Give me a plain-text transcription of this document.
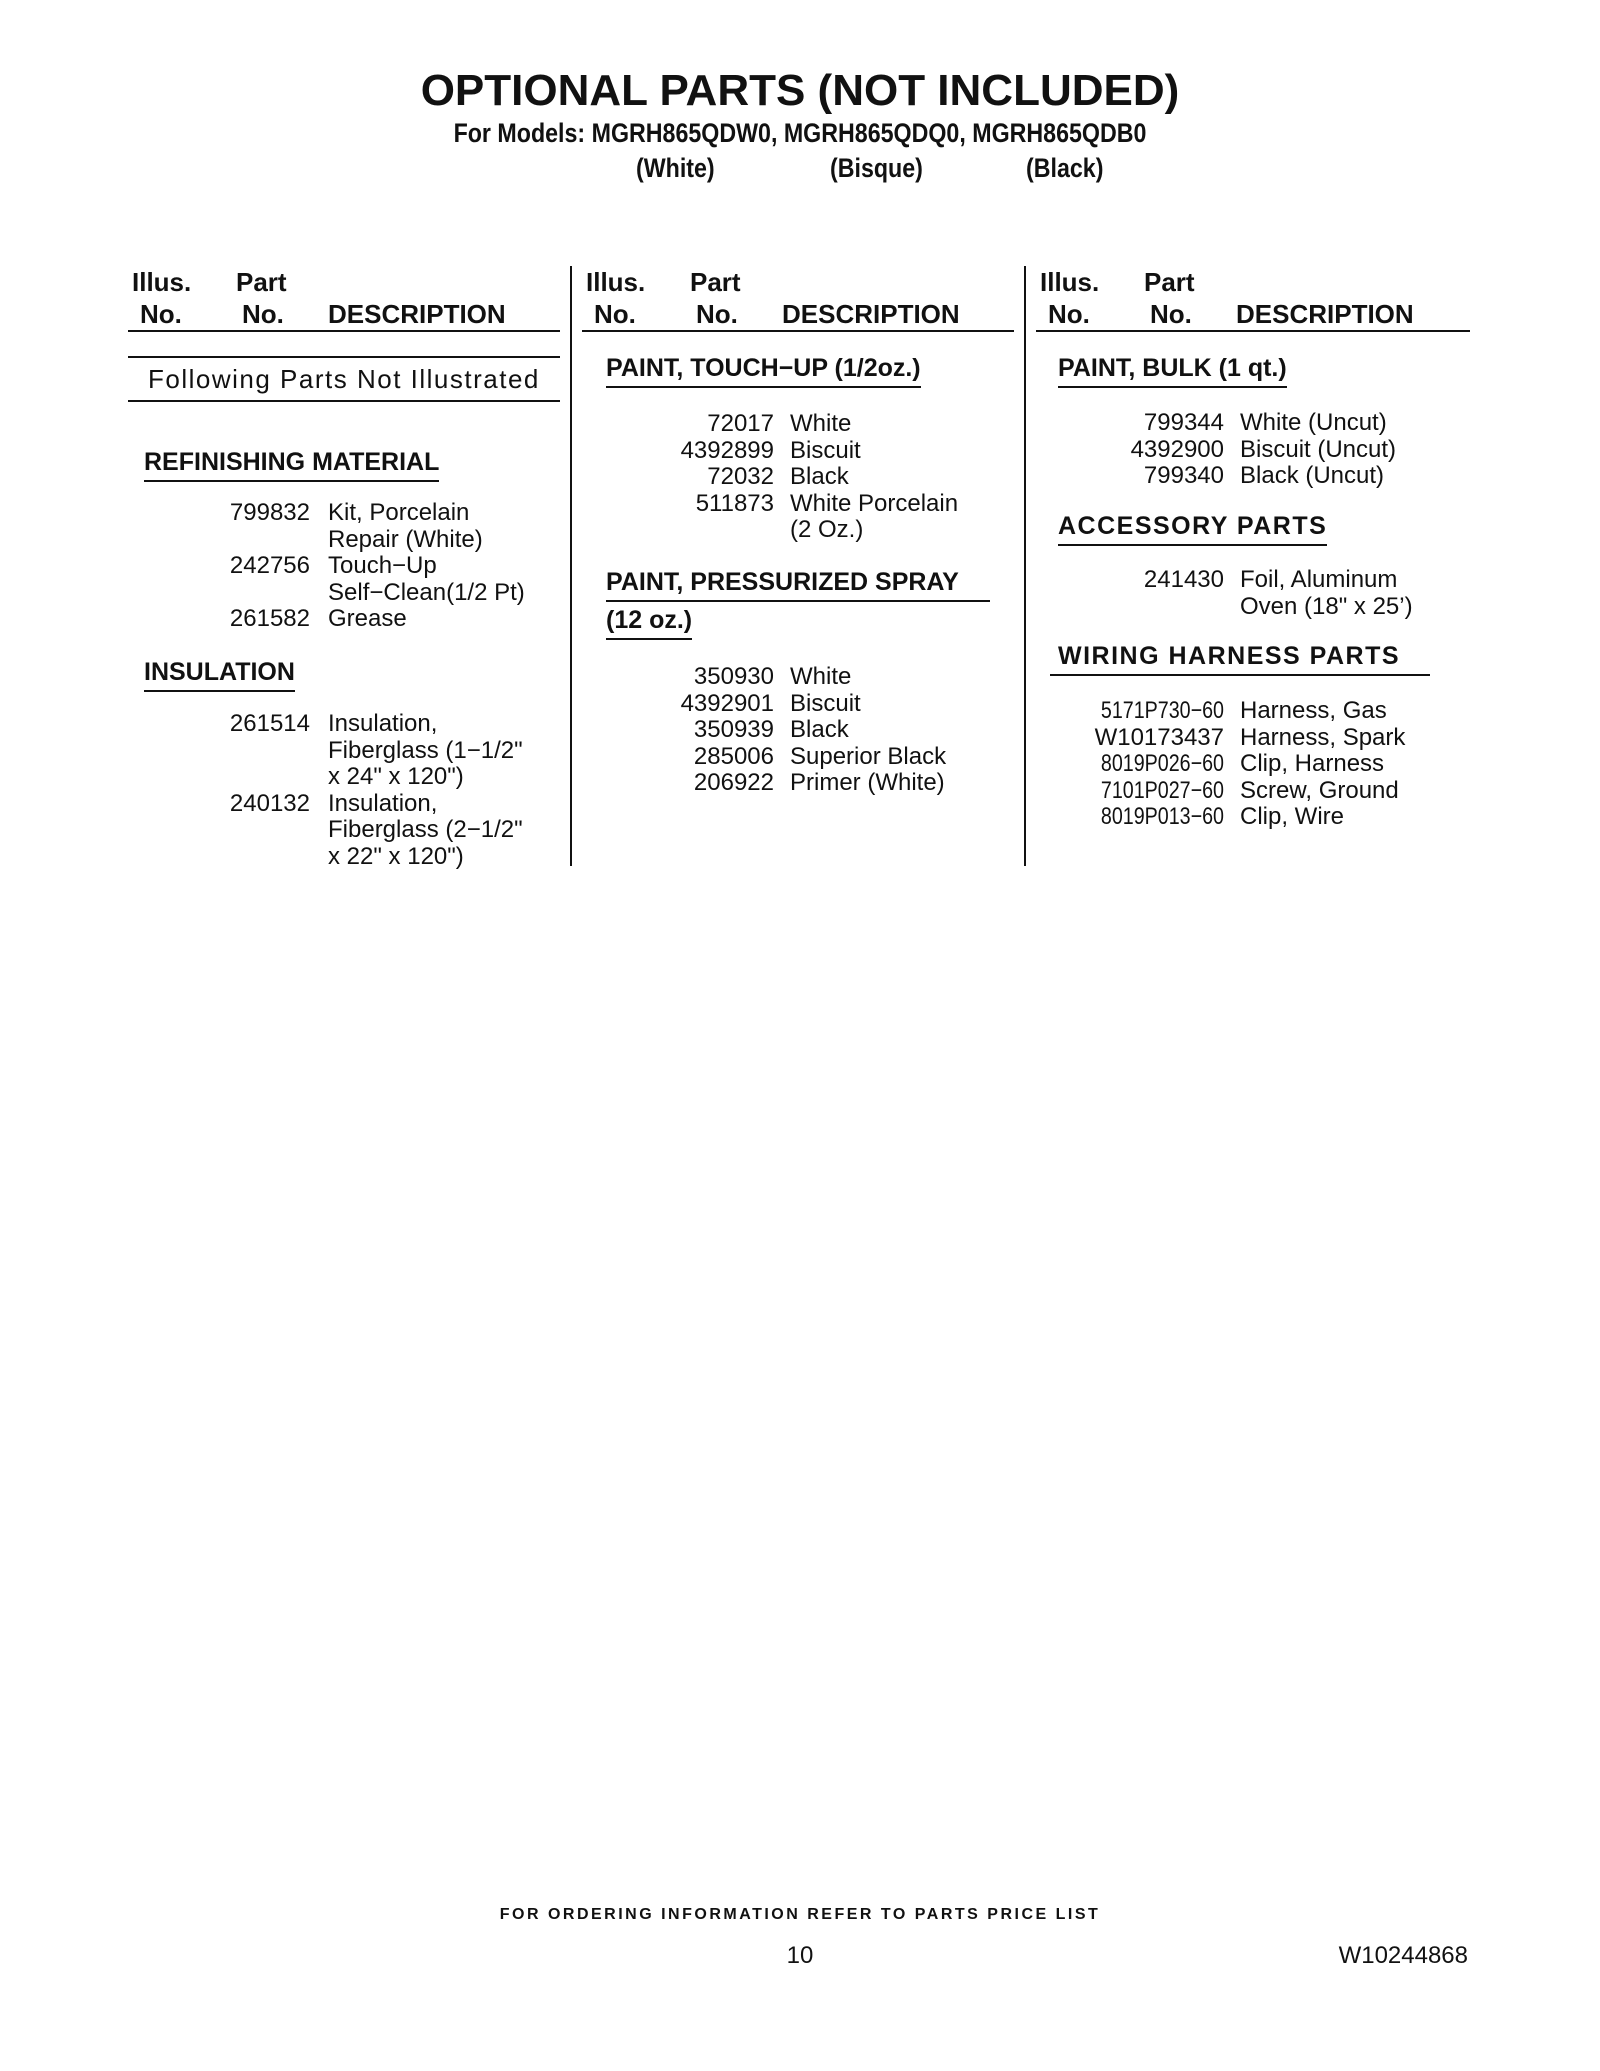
OPTIONAL PARTS (NOT INCLUDED)
For Models: MGRH865QDW0, MGRH865QDQ0, MGRH865QDB0
(White)	(Bisque)	(Black)
Illus. Part
No. No. DESCRIPTION
Illus. Part
No. No. DESCRIPTION
Illus. Part
No. No. DESCRIPTION
Following Parts Not Illustrated
REFINISHING MATERIAL
799832 Kit, Porcelain
Repair (White)
242756 Touch−Up
Self−Clean(1/2 Pt)
261582 Grease
INSULATION
261514 Insulation,
Fiberglass (1−1/2"
x 24" x 120")
240132 Insulation,
Fiberglass (2−1/2"
x 22" x 120")
PAINT, TOUCH−UP (1/2oz.)
72017 White
4392899 Biscuit
72032 Black
511873 White Porcelain
(2 Oz.)
PAINT, PRESSURIZED SPRAY
(12 oz.)
350930 White
4392901 Biscuit
350939 Black
285006 Superior Black
206922 Primer (White)
PAINT, BULK (1 qt.)
799344 White (Uncut)
4392900 Biscuit (Uncut)
799340 Black (Uncut)
ACCESSORY PARTS
241430 Foil, Aluminum
Oven (18" x 25’)
WIRING HARNESS PARTS
5171P730−60 Harness, Gas
W10173437 Harness, Spark
8019P026−60 Clip, Harness
7101P027−60 Screw, Ground
8019P013−60 Clip, Wire
FOR ORDERING INFORMATION REFER TO PARTS PRICE LIST
10	W10244868
